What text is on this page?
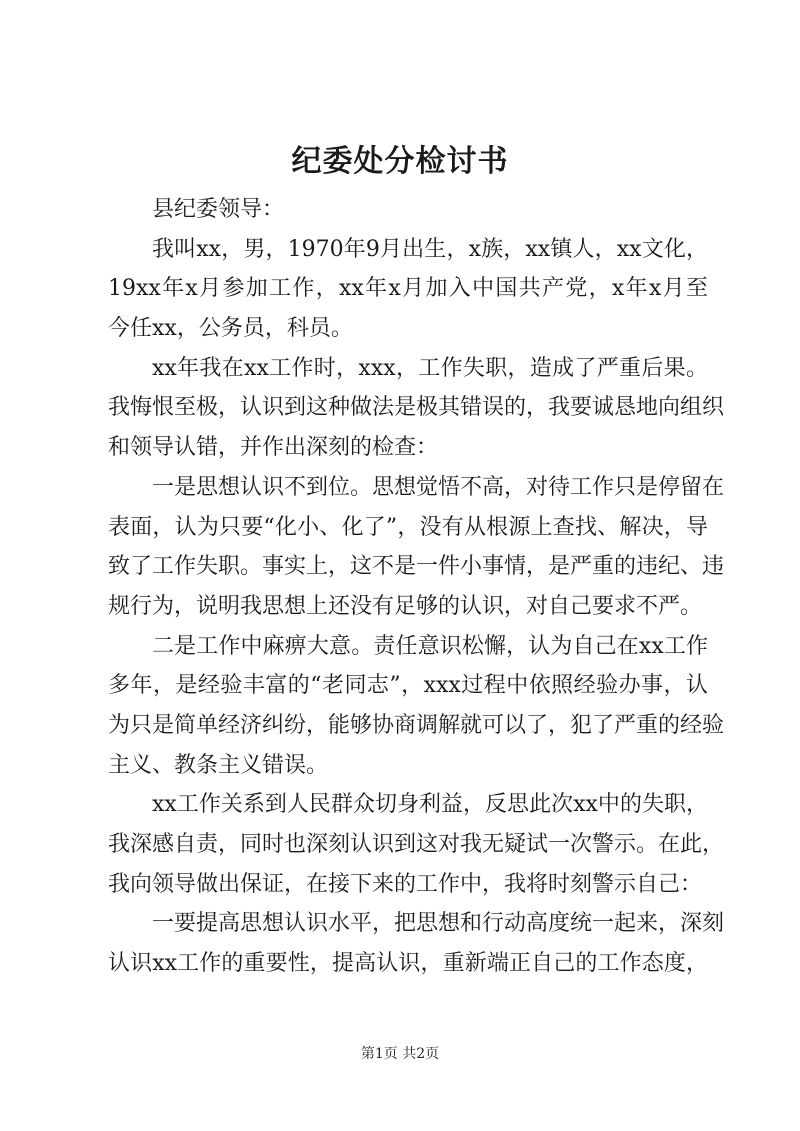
纪委处分检讨书
县纪委领导：
我叫xx，男，1970年9月出生，x族，xx镇人，xx文化，
19xx年x月参加工作，xx年x月加入中国共产党，x年x月至
今任xx，公务员，科员。
xx年我在xx工作时，xxx，工作失职，造成了严重后果。
我悔恨至极，认识到这种做法是极其错误的，我要诚恳地向组织
和领导认错，并作出深刻的检查：
一是思想认识不到位。思想觉悟不高，对待工作只是停留在
表面，认为只要“化小、化了”，没有从根源上查找、解决，导
致了工作失职。事实上，这不是一件小事情，是严重的违纪、违
规行为，说明我思想上还没有足够的认识，对自己要求不严。
二是工作中麻痹大意。责任意识松懈，认为自己在xx工作
多年，是经验丰富的“老同志”，xxx过程中依照经验办事，认
为只是简单经济纠纷，能够协商调解就可以了，犯了严重的经验
主义、教条主义错误。
xx工作关系到人民群众切身利益，反思此次xx中的失职，
我深感自责，同时也深刻认识到这对我无疑试一次警示。在此，
我向领导做出保证，在接下来的工作中，我将时刻警示自己：
一要提高思想认识水平，把思想和行动高度统一起来，深刻
认识xx工作的重要性，提高认识，重新端正自己的工作态度，
第1页 共2页
